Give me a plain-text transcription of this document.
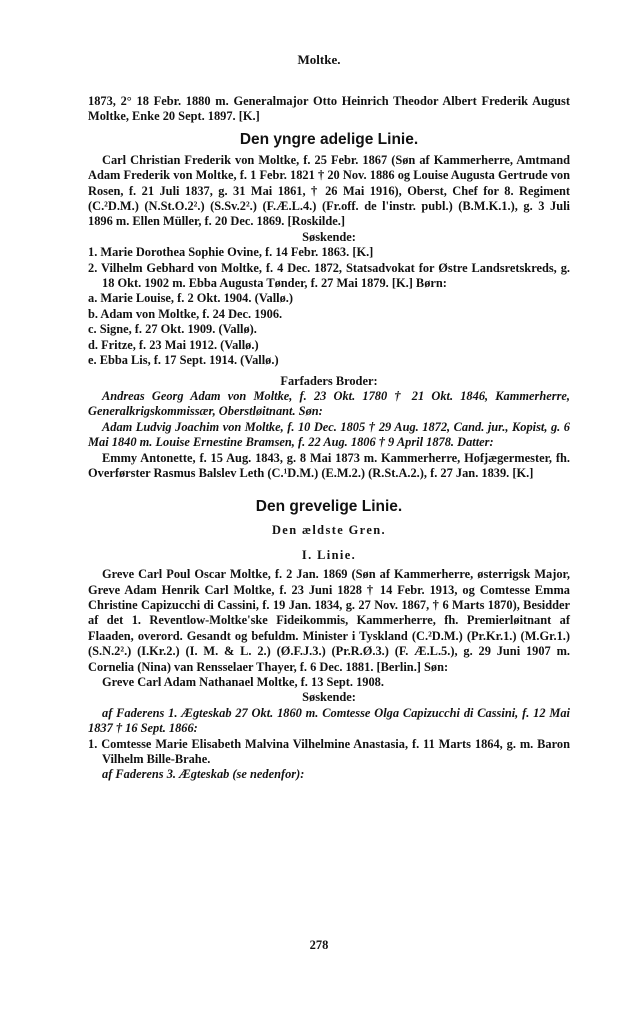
Moltke.

1873, 2° 18 Febr. 1880 m. Generalmajor Otto Heinrich Theodor Albert Frederik August Moltke, Enke 20 Sept. 1897. [K.]

Den yngre adelige Linie.

Carl Christian Frederik von Moltke, f. 25 Febr. 1867 (Søn af Kammerherre, Amtmand Adam Frederik von Moltke, f. 1 Febr. 1821 † 20 Nov. 1886 og Louise Augusta Gertrude von Rosen, f. 21 Juli 1837, g. 31 Mai 1861, † 26 Mai 1916), Oberst, Chef for 8. Regiment (C.²D.M.) (N.St.O.2².) (S.Sv.2².) (F.Æ.L.4.) (Fr.off. de l'instr. publ.) (B.M.K.1.), g. 3 Juli 1896 m. Ellen Müller, f. 20 Dec. 1869. [Roskilde.]

Søskende:

1. Marie Dorothea Sophie Ovine, f. 14 Febr. 1863. [K.]

2. Vilhelm Gebhard von Moltke, f. 4 Dec. 1872, Statsadvokat for Østre Landsretskreds, g. 18 Okt. 1902 m. Ebba Augusta Tønder, f. 27 Mai 1879. [K.] Børn:

a. Marie Louise, f. 2 Okt. 1904. (Vallø.)

b. Adam von Moltke, f. 24 Dec. 1906.

c. Signe, f. 27 Okt. 1909. (Vallø).

d. Fritze, f. 23 Mai 1912. (Vallø.)

e. Ebba Lis, f. 17 Sept. 1914. (Vallø.)

Farfaders Broder:

Andreas Georg Adam von Moltke, f. 23 Okt. 1780 † 21 Okt. 1846, Kammerherre, Generalkrigskommissær, Oberstløitnant. Søn:

Adam Ludvig Joachim von Moltke, f. 10 Dec. 1805 † 29 Aug. 1872, Cand. jur., Kopist, g. 6 Mai 1840 m. Louise Ernestine Bramsen, f. 22 Aug. 1806 † 9 April 1878. Datter:

Emmy Antonette, f. 15 Aug. 1843, g. 8 Mai 1873 m. Kammerherre, Hofjægermester, fh. Overførster Rasmus Balslev Leth (C.¹D.M.) (E.M.2.) (R.St.A.2.), f. 27 Jan. 1839. [K.]

Den grevelige Linie.

Den ældste Gren.

I. Linie.

Greve Carl Poul Oscar Moltke, f. 2 Jan. 1869 (Søn af Kammerherre, østerrigsk Major, Greve Adam Henrik Carl Moltke, f. 23 Juni 1828 † 14 Febr. 1913, og Comtesse Emma Christine Capizucchi di Cassini, f. 19 Jan. 1834, g. 27 Nov. 1867, † 6 Marts 1870), Besidder af det 1. Reventlow-Moltke'ske Fideikommis, Kammerherre, fh. Premierløitnant af Flaaden, overord. Gesandt og befuldm. Minister i Tyskland (C.²D.M.) (Pr.Kr.1.) (M.Gr.1.) (S.N.2².) (I.Kr.2.) (I. M. & L. 2.) (Ø.F.J.3.) (Pr.R.Ø.3.) (F. Æ.L.5.), g. 29 Juni 1907 m. Cornelia (Nina) van Rensselaer Thayer, f. 6 Dec. 1881. [Berlin.] Søn:

Greve Carl Adam Nathanael Moltke, f. 13 Sept. 1908.

Søskende:

af Faderens 1. Ægteskab 27 Okt. 1860 m. Comtesse Olga Capizucchi di Cassini, f. 12 Mai 1837 † 16 Sept. 1866:

1. Comtesse Marie Elisabeth Malvina Vilhelmine Anastasia, f. 11 Marts 1864, g. m. Baron Vilhelm Bille-Brahe.

af Faderens 3. Ægteskab (se nedenfor):

278
